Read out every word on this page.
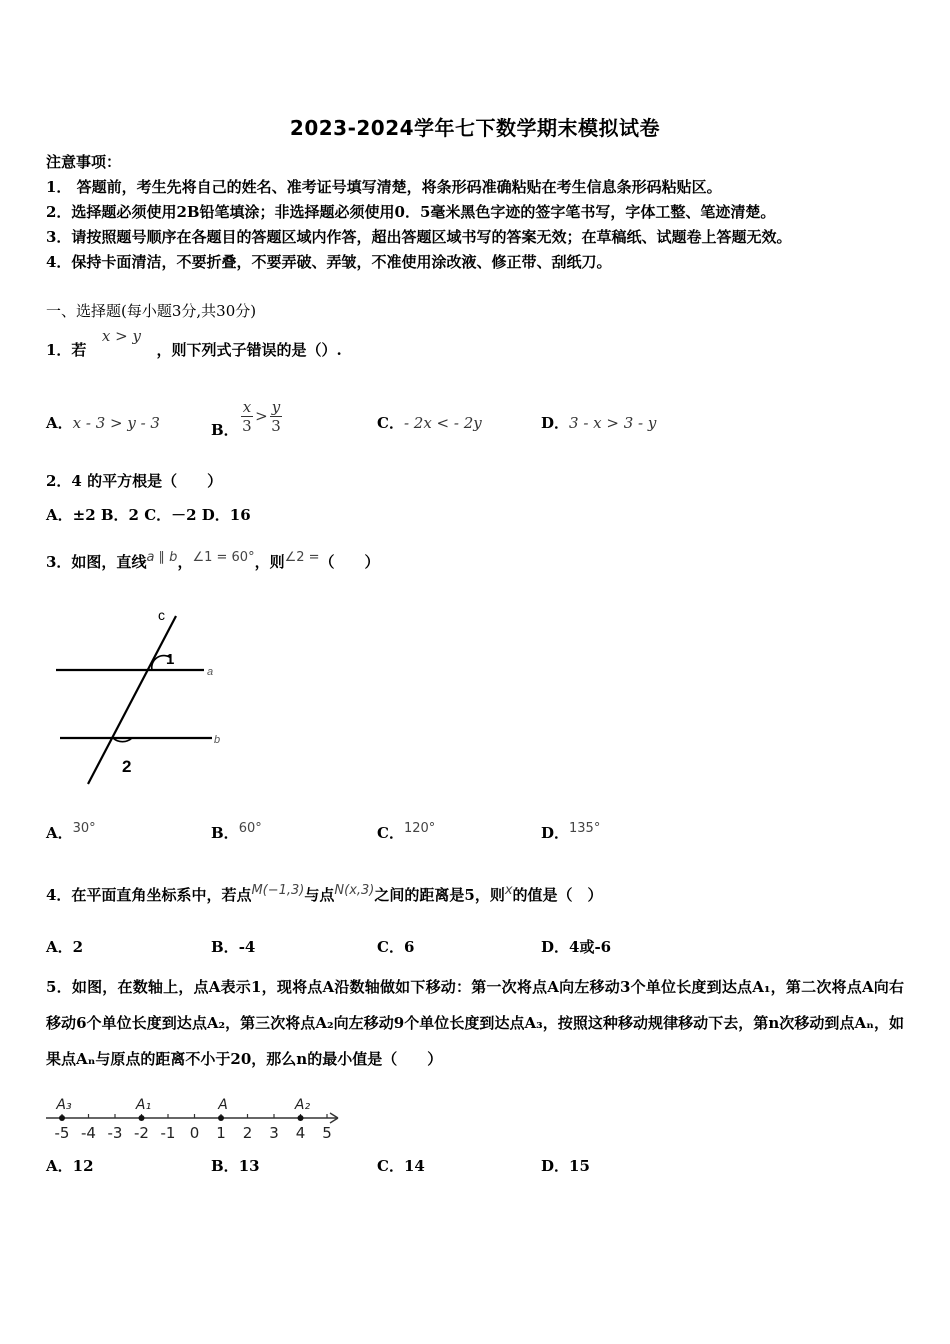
2023-2024学年七下数学期末模拟试卷
注意事项：
1． 答题前，考生先将自己的姓名、准考证号填写清楚，将条形码准确粘贴在考生信息条形码粘贴区。
2．选择题必须使用2B铅笔填涂；非选择题必须使用0．5毫米黑色字迹的签字笔书写，字体工整、笔迹清楚。
3．请按照题号顺序在各题目的答题区域内作答，超出答题区域书写的答案无效；在草稿纸、试题卷上答题无效。
4．保持卡面清洁，不要折叠，不要弄破、弄皱，不准使用涂改液、修正带、刮纸刀。
一、选择题(每小题3分,共30分)
1．若x > y，则下列式子错误的是（）.
A．x - 3 > y - 3	B． $\frac{x}{3} > \frac{y}{3}$	C．- 2x < - 2y	D．3 - x > 3 - y
2．4 的平方根是（　　）
A．±2 B．2 C．－2 D．16
3．如图，直线a ∥ b，∠1 = 60°，则∠2 =（　　）
c
1
a
b
2
A．30°	B．60°	C．120°	D．135°
4．在平面直角坐标系中，若点M(−1,3)与点N(x,3)之间的距离是5，则x的值是（　）
A．2	B．-4	C．6	D．4或-6
5．如图，在数轴上，点A表示1，现将点A沿数轴做如下移动：第一次将点A向左移动3个单位长度到达点A₁，第二次将点A向右移动6个单位长度到达点A₂，第三次将点A₂向左移动9个单位长度到达点A₃，按照这种移动规律移动下去，第n次移动到点Aₙ，如果点Aₙ与原点的距离不小于20，那么n的最小值是（　　）
-5 -4 -3 -2 -1 0 1 2 3 4 5
A₃	A₁	A	A₂
A．12	B．13	C．14	D．15
